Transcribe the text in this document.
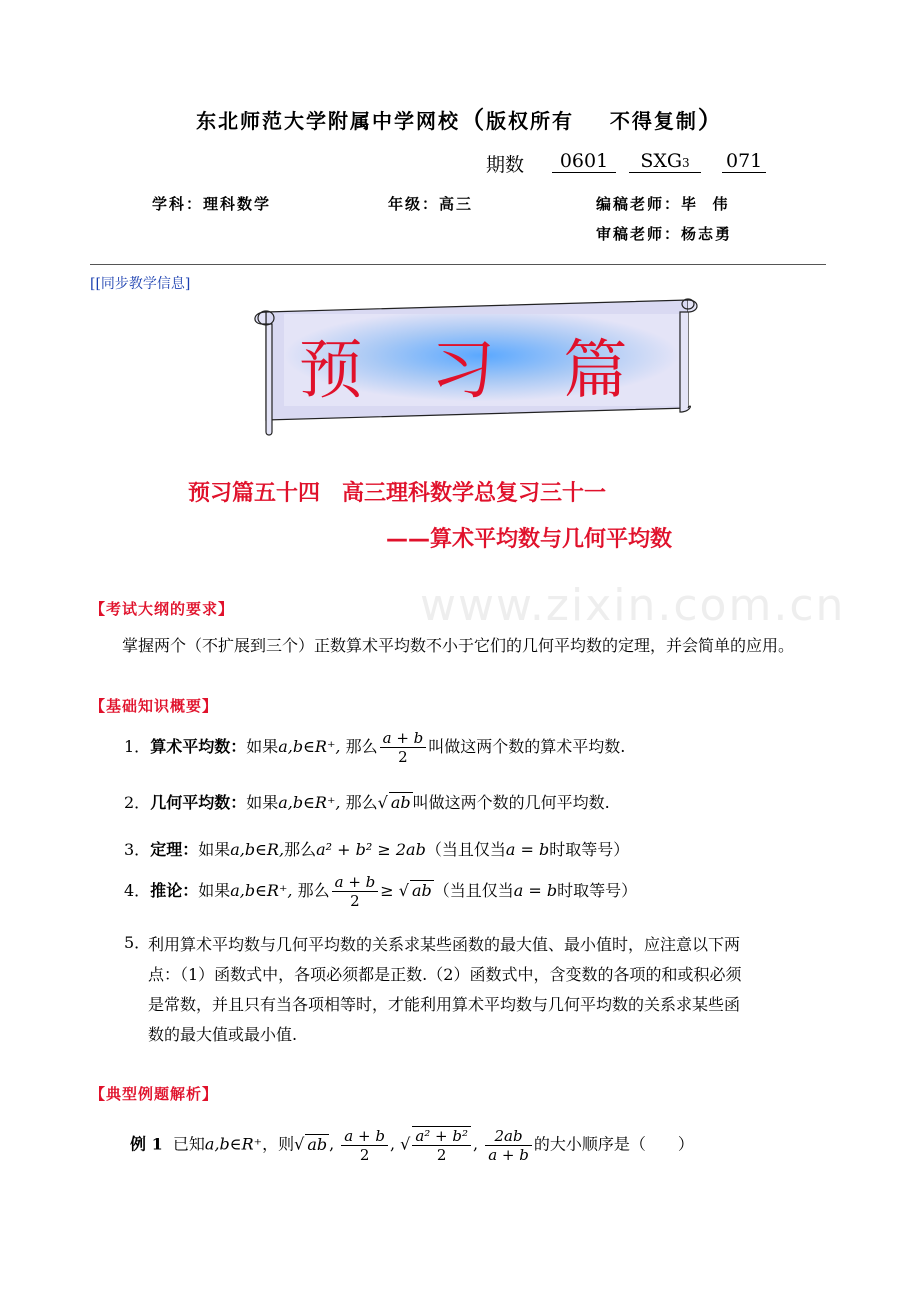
www.zixin.com.cn
东北师范大学附属中学网校（版权所有    不得复制）
期数	0601	SXG3	071
学科：理科数学	年级：高三	编稿老师：毕  伟
审稿老师：杨志勇
[[同步教学信息]
预 习 篇
预习篇五十四　高三理科数学总复习三十一
——算术平均数与几何平均数
【考试大纲的要求】
掌握两个（不扩展到三个）正数算术平均数不小于它们的几何平均数的定理，并会简单的应用。
【基础知识概要】
1．算术平均数：如果a,b∈R⁺, 那么 $\frac{a + b}{2}$ 叫做这两个数的算术平均数.
2．几何平均数：如果a,b∈R⁺, 那么√ ab 叫做这两个数的几何平均数.
3．定理：如果a,b∈R,那么a² + b² ≥ 2ab（当且仅当a = b时取等号）
4．推论：如果a,b∈R⁺, 那么 $\frac{a + b}{2}$ ≥ √ ab （当且仅当a = b时取等号）
5．
利用算术平均数与几何平均数的关系求某些函数的最大值、最小值时，应注意以下两
点：（1）函数式中，各项必须都是正数.（2）函数式中，含变数的各项的和或积必须
是常数，并且只有当各项相等时，才能利用算术平均数与几何平均数的关系求某些函
数的最大值或最小值.
【典型例题解析】
例 1 已知a,b∈R⁺，则√ ab , $\frac{a + b}{2}$ , √ $\frac{\text{a² + b²}}{2}$ , $\frac{2ab}{a + b}$ 的大小顺序是（　　）
